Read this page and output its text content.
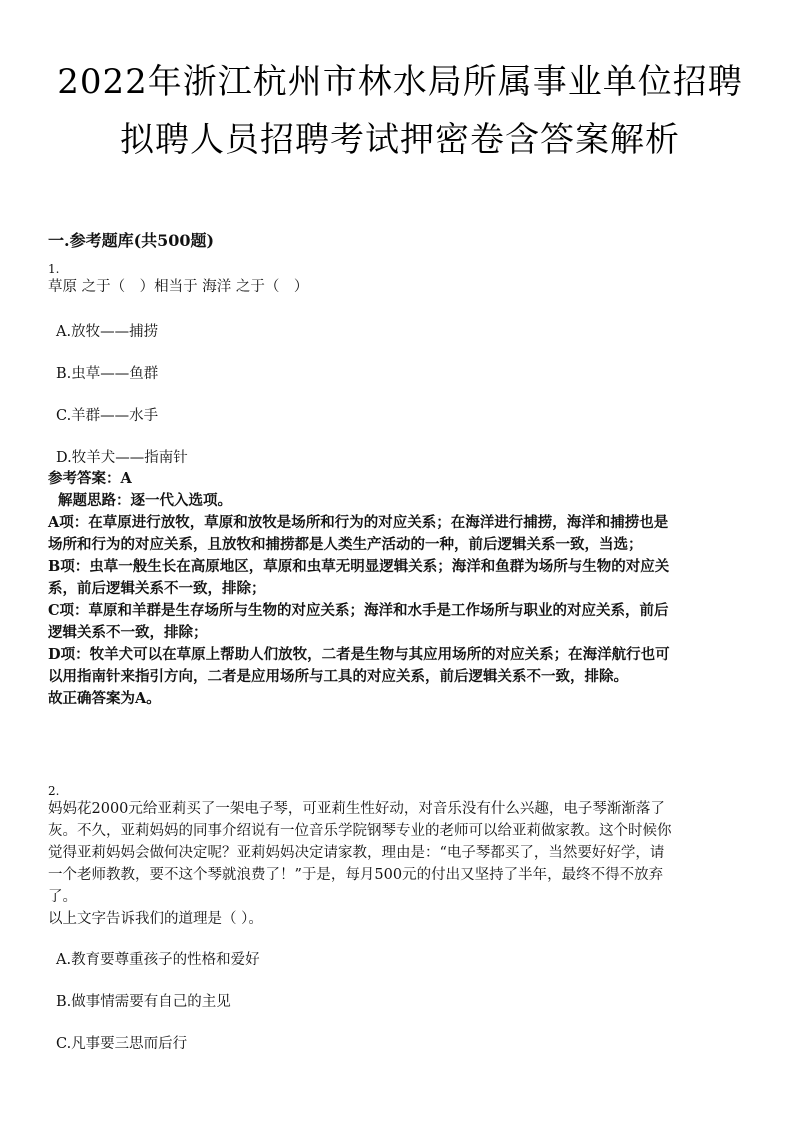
2022年浙江杭州市林水局所属事业单位招聘
拟聘人员招聘考试押密卷含答案解析
一.参考题库(共500题)
1.
草原 之于（　）相当于 海洋 之于（　）
A.放牧——捕捞
B.虫草——鱼群
C.羊群——水手
D.牧羊犬——指南针
参考答案：A
解题思路：逐一代入选项。
A项：在草原进行放牧，草原和放牧是场所和行为的对应关系；在海洋进行捕捞，海洋和捕捞也是
场所和行为的对应关系，且放牧和捕捞都是人类生产活动的一种，前后逻辑关系一致，当选；
B项：虫草一般生长在高原地区，草原和虫草无明显逻辑关系；海洋和鱼群为场所与生物的对应关
系，前后逻辑关系不一致，排除；
C项：草原和羊群是生存场所与生物的对应关系；海洋和水手是工作场所与职业的对应关系，前后
逻辑关系不一致，排除；
D项：牧羊犬可以在草原上帮助人们放牧，二者是生物与其应用场所的对应关系；在海洋航行也可
以用指南针来指引方向，二者是应用场所与工具的对应关系，前后逻辑关系不一致，排除。
故正确答案为A。
2.
妈妈花2000元给亚莉买了一架电子琴，可亚莉生性好动，对音乐没有什么兴趣，电子琴渐渐落了
灰。不久，亚莉妈妈的同事介绍说有一位音乐学院钢琴专业的老师可以给亚莉做家教。这个时候你
觉得亚莉妈妈会做何决定呢？亚莉妈妈决定请家教，理由是：“电子琴都买了，当然要好好学，请
一个老师教教，要不这个琴就浪费了！”于是，每月500元的付出又坚持了半年，最终不得不放弃
了。
以上文字告诉我们的道理是（ ）。
A.教育要尊重孩子的性格和爱好
B.做事情需要有自己的主见
C.凡事要三思而后行
